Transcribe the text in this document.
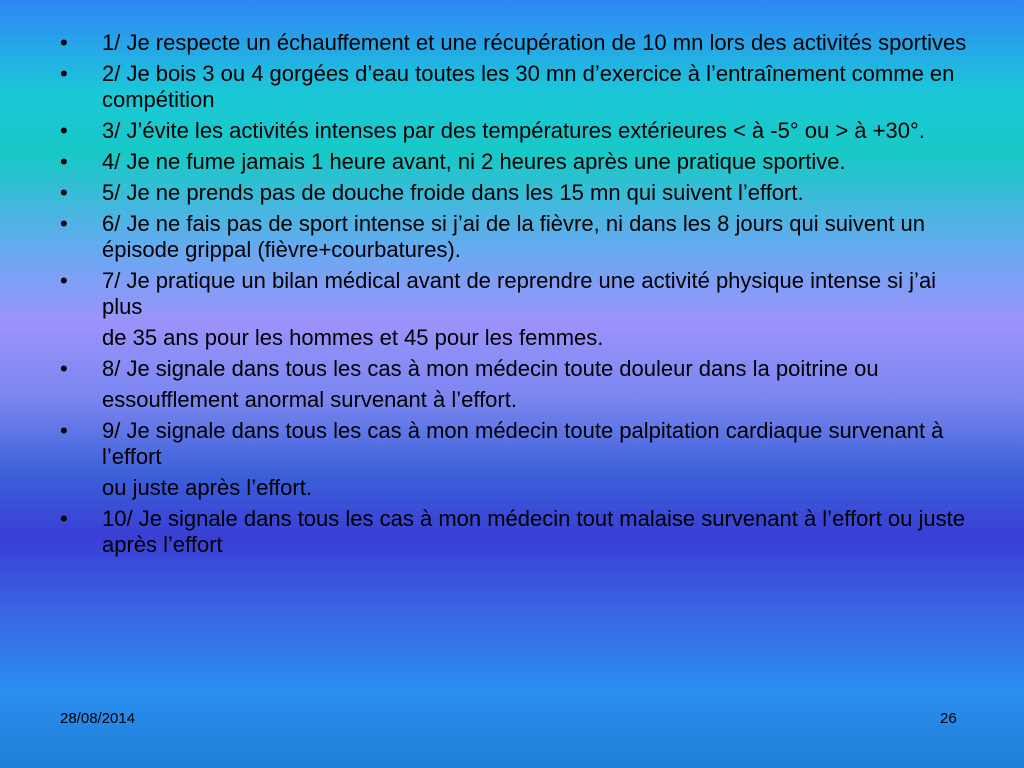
•	1/ Je respecte un échauffement et une récupération de 10 mn lors des activités sportives
•	2/ Je bois 3 ou 4 gorgées d’eau toutes les 30 mn d’exercice à l’entraînement comme en compétition
•	3/ J’évite les activités intenses par des températures extérieures < à -5° ou > à +30°.
•	4/ Je ne fume jamais 1 heure avant, ni 2 heures après une pratique sportive.
•	5/ Je ne prends pas de douche froide dans les 15 mn qui suivent l’effort.
•	6/ Je ne fais pas de sport intense si j’ai de la fièvre, ni dans les 8 jours qui suivent un épisode grippal (fièvre+courbatures).
•	7/ Je pratique un bilan médical avant de reprendre une activité physique intense si j’ai plus
de 35 ans pour les hommes et 45 pour les femmes.
•	8/ Je signale dans tous les cas à mon médecin toute douleur dans la poitrine ou
essoufflement anormal survenant à l’effort.
•	9/ Je signale dans tous les cas à mon médecin toute palpitation cardiaque survenant à l’effort
ou juste après l’effort.
•	10/ Je signale dans tous les cas à mon médecin tout malaise survenant à l’effort ou juste après l’effort
28/08/2014	26
